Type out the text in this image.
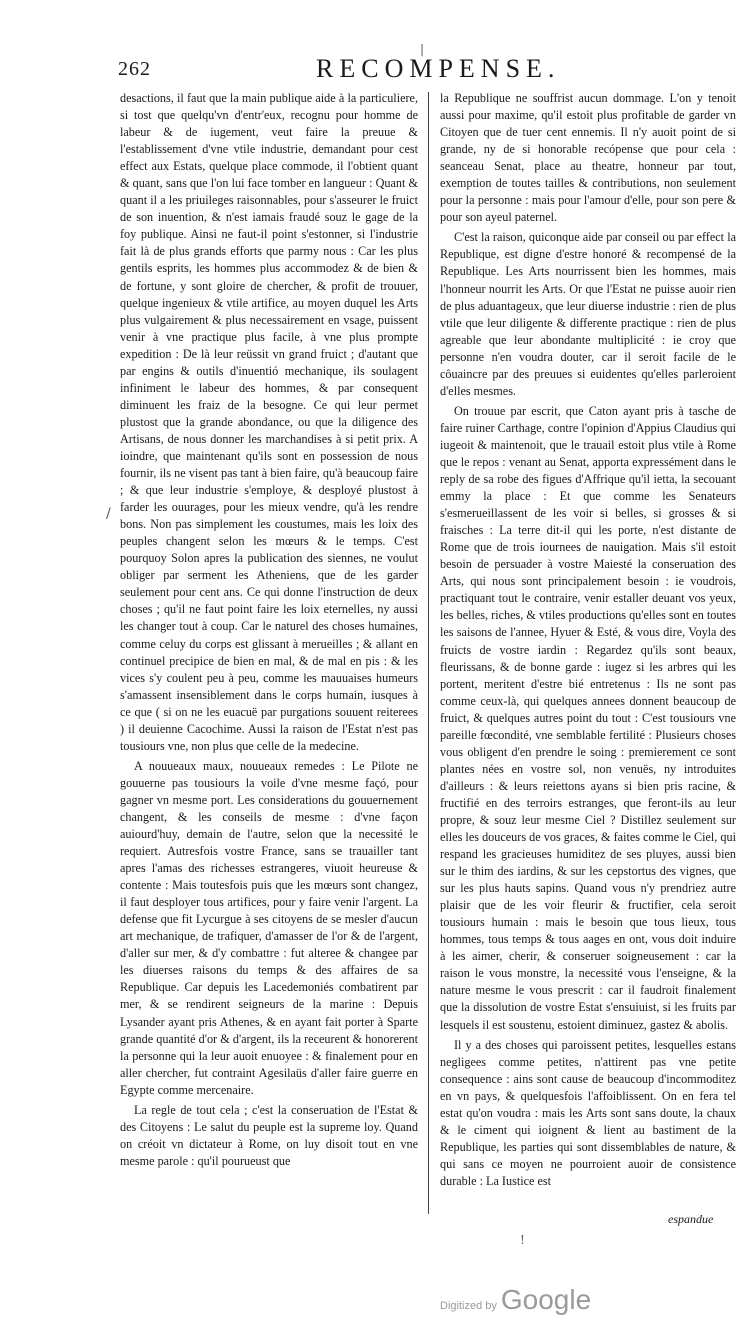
|
262	RECOMPENSE.

desactions, il faut que la main publique aide à la particuliere, si tost que quelqu'vn d'entr'eux, recognu pour homme de labeur & de iugement, veut faire la preuue & l'establissement d'vne vtile industrie, demandant pour cest effect aux Estats, quelque place commode, il l'obtient quant & quant, sans que l'on lui face tomber en langueur : Quant & quant il a les priuileges raisonnables, pour s'asseurer le fruict de son inuention, & n'est iamais fraudé souz le gage de la foy publique. Ainsi ne faut-il point s'estonner, si l'industrie fait là de plus grands efforts que parmy nous : Car les plus gentils esprits, les hommes plus accommodez & de bien & de fortune, y sont gloire de chercher, & profit de trouuer, quelque ingenieux & vtile artifice, au moyen duquel les Arts plus vulgairement & plus necessairement en vsage, puissent venir à vne practique plus facile, à vne plus prompte expedition : De là leur reüssit vn grand fruict ; d'autant que par engins & outils d'inuentió mechanique, ils soulagent infiniment le labeur des hommes, & par consequent diminuent les fraiz de la besogne. Ce qui leur permet plustost que la grande abondance, ou que la diligence des Artisans, de nous donner les marchandises à si petit prix. A ioindre, que maintenant qu'ils sont en possession de nous fournir, ils ne visent pas tant à bien faire, qu'à beaucoup faire ; & que leur industrie s'employe, & desployé plustost à farder les ouurages, pour les mieux vendre, qu'à les rendre bons. Non pas simplement les coustumes, mais les loix des peuples changent selon les mœurs & le temps. C'est pourquoy Solon apres la publication des siennes, ne voulut obliger par serment les Atheniens, que de les garder seulement pour cent ans. Ce qui donne l'instruction de deux choses ; qu'il ne faut point faire les loix eternelles, ny aussi les changer tout à coup. Car le naturel des choses humaines, comme celuy du corps est glissant à merueilles ; & allant en continuel precipice de bien en mal, & de mal en pis : & les vices s'y coulent peu à peu, comme les mauuaises humeurs s'amassent insensiblement dans le corps humain, iusques à ce que ( si on ne les euacuë par purgations souuent reiterees ) il deuienne Cacochime. Aussi la raison de l'Estat n'est pas tousiours vne, non plus que celle de la medecine.

A nouueaux maux, nouueaux remedes : Le Pilote ne gouuerne pas tousiours la voile d'vne mesme façó, pour gagner vn mesme port. Les considerations du gouuernement changent, & les conseils de mesme : d'vne façon auiourd'huy, demain de l'autre, selon que la necessité le requiert. Autresfois vostre France, sans se trauailler tant apres l'amas des richesses estrangeres, viuoit heureuse & contente : Mais toutesfois puis que les mœurs sont changez, il faut desployer tous artifices, pour y faire venir l'argent. La defense que fit Lycurgue à ses citoyens de se mesler d'aucun art mechanique, de trafiquer, d'amasser de l'or & de l'argent, d'aller sur mer, & d'y combattre : fut alteree & changee par les diuerses raisons du temps & des affaires de sa Republique. Car depuis les Lacedemoniés combatirent par mer, & se rendirent seigneurs de la marine : Depuis Lysander ayant pris Athenes, & en ayant fait porter à Sparte grande quantité d'or & d'argent, ils la receurent & honorerent la personne qui la leur auoit enuoyee : & finalement pour en aller chercher, fut contraint Agesilaüs d'aller faire guerre en Egypte comme mercenaire.

La regle de tout cela ; c'est la conseruation de l'Estat & des Citoyens : Le salut du peuple est la supreme loy. Quand on créoit vn dictateur à Rome, on luy disoit tout en vne mesme parole : qu'il pourueust que

la Republique ne souffrist aucun dommage. L'on y tenoit aussi pour maxime, qu'il estoit plus profitable de garder vn Citoyen que de tuer cent ennemis. Il n'y auoit point de si grande, ny de si honorable recópense que pour cela : seanceau Senat, place au theatre, honneur par tout, exemption de toutes tailles & contributions, non seulement pour la personne : mais pour l'amour d'elle, pour son pere & pour son ayeul paternel.

C'est la raison, quiconque aide par conseil ou par effect la Republique, est digne d'estre honoré & recompensé de la Republique. Les Arts nourrissent bien les hommes, mais l'honneur nourrit les Arts. Or que l'Estat ne puisse auoir rien de plus aduantageux, que leur diuerse industrie : rien de plus vtile que leur diligente & differente practique : rien de plus agreable que leur abondante multiplicité : ie croy que personne n'en voudra douter, car il seroit facile de le côuaincre par des preuues si euidentes qu'elles parleroient d'elles mesmes.

On trouue par escrit, que Caton ayant pris à tasche de faire ruiner Carthage, contre l'opinion d'Appius Claudius qui iugeoit & maintenoit, que le trauail estoit plus vtile à Rome que le repos : venant au Senat, apporta expressément dans le reply de sa robe des figues d'Affrique qu'il ietta, la secouant emmy la place : Et que comme les Senateurs s'esmerueillassent de les voir si belles, si grosses & si fraisches : La terre dit-il qui les porte, n'est distante de Rome que de trois iournees de nauigation. Mais s'il estoit besoin de persuader à vostre Maiesté la conseruation des Arts, qui nous sont principalement besoin : ie voudrois, practiquant tout le contraire, venir estaller deuant vos yeux, les belles, riches, & vtiles productions qu'elles sont en toutes les saisons de l'annee, Hyuer & Esté, & vous dire, Voyla des fruicts de vostre iardin : Regardez qu'ils sont beaux, fleurissans, & de bonne garde : iugez si les arbres qui les portent, meritent d'estre bié entretenus : Ils ne sont pas comme ceux-là, qui quelques annees donnent beaucoup de fruict, & quelques autres point du tout : C'est tousiours vne pareille fœcondité, vne semblable fertilité : Plusieurs choses vous obligent d'en prendre le soing : premierement ce sont plantes nées en vostre sol, non venuës, ny introduites d'ailleurs : & leurs reiettons ayans si bien pris racine, & fructifié en des terroirs estranges, que feront-ils au leur propre, & souz leur mesme Ciel ? Distillez seulement sur elles les douceurs de vos graces, & faites comme le Ciel, qui respand les gracieuses humiditez de ses pluyes, aussi bien sur le thim des iardins, & sur les cepstortus des vignes, que sur les plus hauts sapins. Quand vous n'y prendriez autre plaisir que de les voir fleurir & fructifier, cela seroit tousiours humain : mais le besoin que tous lieux, tous hommes, tous temps & tous aages en ont, vous doit induire à les aimer, cherir, & conseruer soigneusement : car la raison le vous monstre, la necessité vous l'enseigne, & la nature mesme le vous prescrit : car il faudroit finalement que la dissolution de vostre Estat s'ensuiuist, si les fruits par lesquels il est soustenu, estoient diminuez, gastez & abolis.

Il y a des choses qui paroissent petites, lesquelles estans negligees comme petites, n'attirent pas vne petite consequence : ains sont cause de beaucoup d'incommoditez en vn pays, & quelquesfois l'affoiblissent. On en fera tel estat qu'on voudra : mais les Arts sont sans doute, la chaux & le ciment qui ioignent & lient au bastiment de la Republique, les parties qui sont dissemblables de nature, & qui sans ce moyen ne pourroient auoir de consistence durable : La Iustice est

/
espandue
!
Digitized by Google
